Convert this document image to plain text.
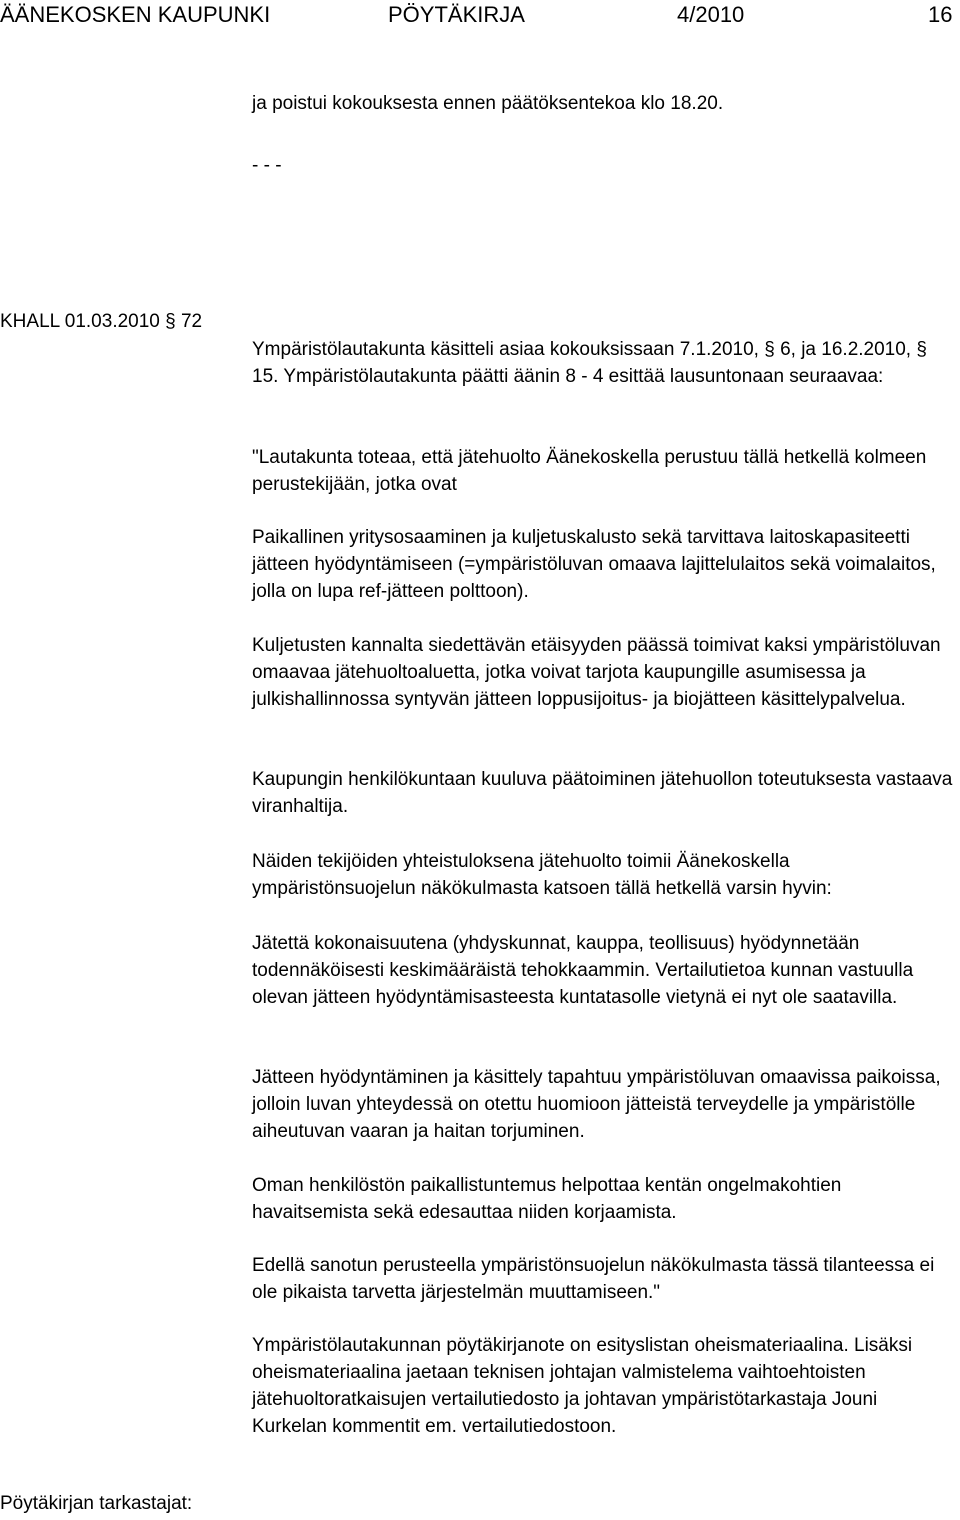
ÄÄNEKOSKEN KAUPUNKI	PÖYTÄKIRJA	4/2010	16
ja poistui kokouksesta ennen päätöksentekoa klo 18.20.
- - -
KHALL 01.03.2010 § 72

Ympäristölautakunta käsitteli asiaa kokouksissaan 7.1.2010, § 6, ja 16.2.2010, § 15. Ympäristölautakunta päätti äänin 8 - 4 esittää lausuntonaan seuraavaa:

"Lautakunta toteaa, että jätehuolto Äänekoskella perustuu tällä hetkellä kolmeen perustekijään, jotka ovat

Paikallinen yritysosaaminen ja kuljetuskalusto sekä tarvittava laitoskapasiteetti jätteen hyödyntämiseen (=ympäristöluvan omaava lajittelulaitos sekä voimalaitos, jolla on lupa ref-jätteen polttoon).

Kuljetusten kannalta siedettävän etäisyyden päässä toimivat kaksi ympäristöluvan omaavaa jätehuoltoaluetta, jotka voivat tarjota kaupungille asumisessa ja julkishallinnossa syntyvän jätteen loppusijoitus- ja biojätteen käsittelypalvelua.

Kaupungin henkilökuntaan kuuluva päätoiminen jätehuollon toteutuksesta vastaava viranhaltija.

Näiden tekijöiden yhteistuloksena jätehuolto toimii Äänekoskella ympäristönsuojelun näkökulmasta katsoen tällä hetkellä varsin hyvin:

Jätettä kokonaisuutena (yhdyskunnat, kauppa, teollisuus) hyödynnetään todennäköisesti keskimääräistä tehokkaammin. Vertailutietoa kunnan vastuulla olevan jätteen hyödyntämisasteesta kuntatasolle vietynä ei nyt ole saatavilla.

Jätteen hyödyntäminen ja käsittely tapahtuu ympäristöluvan omaavissa paikoissa, jolloin luvan yhteydessä on otettu huomioon jätteistä terveydelle ja ympäristölle aiheutuvan vaaran ja haitan torjuminen.

Oman henkilöstön paikallistuntemus helpottaa kentän ongelmakohtien havaitsemista sekä edesauttaa niiden korjaamista.

Edellä sanotun perusteella ympäristönsuojelun näkökulmasta tässä tilanteessa ei ole pikaista tarvetta järjestelmän muuttamiseen."

Ympäristölautakunnan pöytäkirjanote on esityslistan oheismateriaalina. Lisäksi oheismateriaalina jaetaan teknisen johtajan valmistelema vaihtoehtoisten jätehuoltoratkaisujen vertailutiedosto ja johtavan ympäristötarkastaja Jouni Kurkelan kommentit em. vertailutiedostoon.

Pöytäkirjan tarkastajat:
